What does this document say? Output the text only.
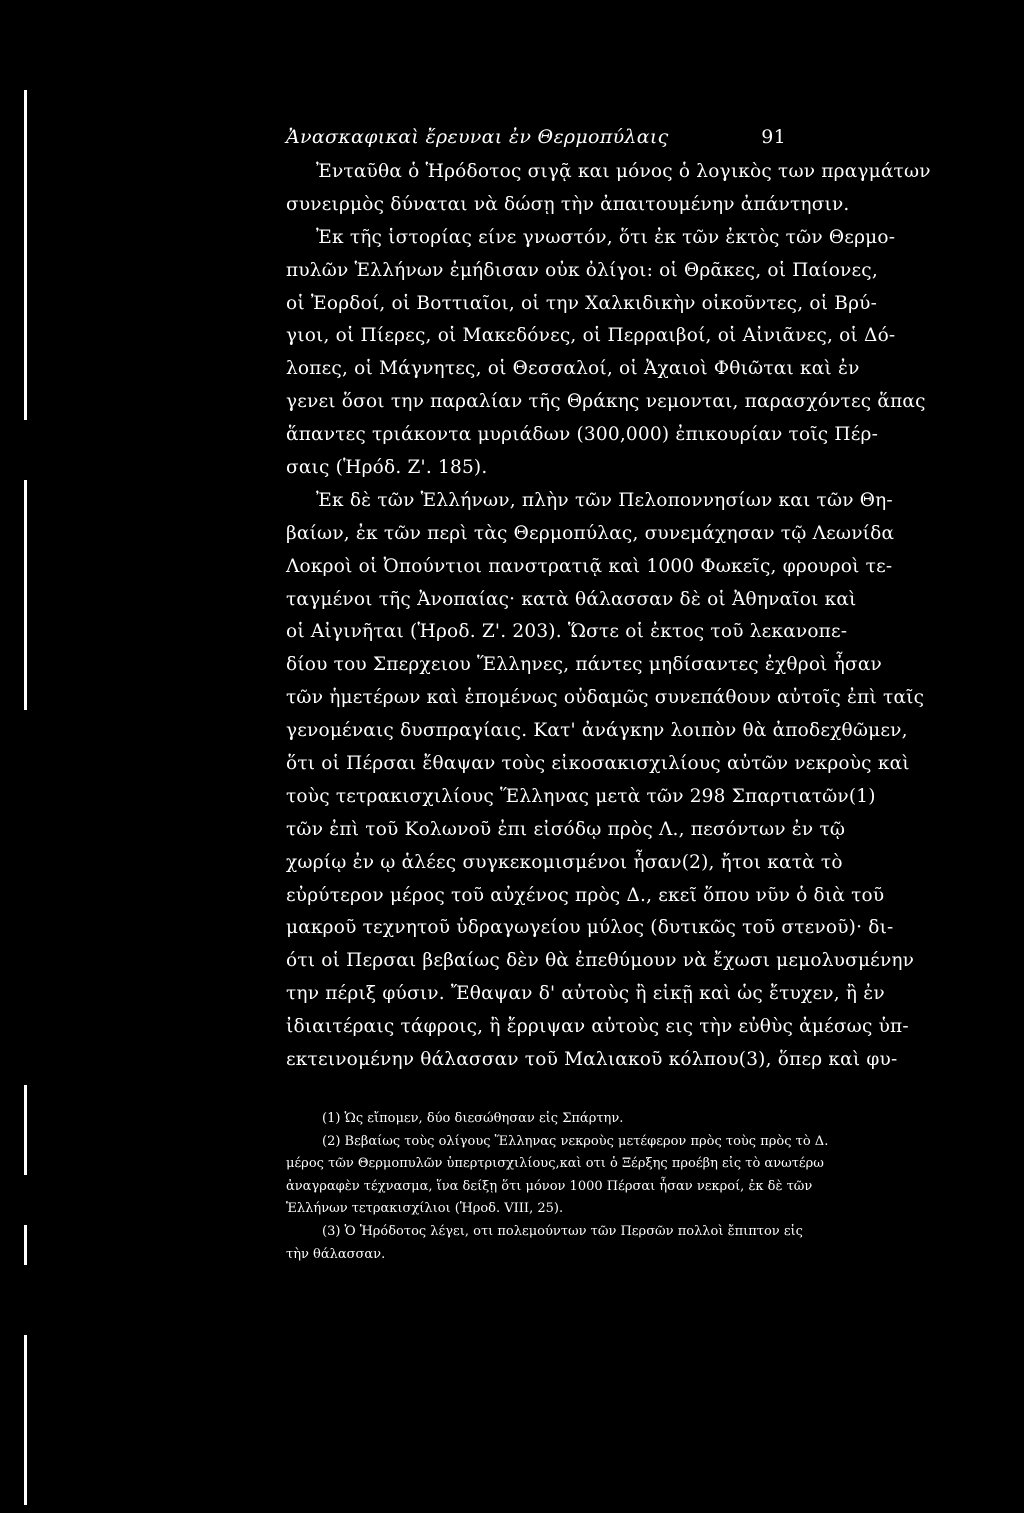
Ἀνασκαφικαὶ ἔρευναι ἐν Θερμοπύλαις	91
Ἐνταῦθα ὁ Ἡρόδοτος σιγᾷ και μόνος ὁ λογικὸς των πραγμάτων
συνειρμὸς δύναται νὰ δώσῃ τὴν ἀπαιτουμένην ἀπάντησιν.
Ἐκ τῆς ἱστορίας είνε γνωστόν, ὅτι ἐκ τῶν ἐκτὸς τῶν Θερμο-
πυλῶν Ἑλλήνων ἐμήδισαν οὐκ ὀλίγοι: οἱ Θρᾶκες, οἱ Παίονες,
οἱ Ἐορδοί, οἱ Βοττιαῖοι, οἱ την Χαλκιδικὴν οἰκοῦντες, οἱ Βρύ-
γιοι, οἱ Πίερες, οἱ Μακεδόνες, οἱ Περραιβοί, οἱ Αἰνιᾶνες, οἱ Δό-
λοπες, οἱ Μάγνητες, οἱ Θεσσαλοί, οἱ Ἀχαιοὶ Φθιῶται καὶ ἐν
γενει ὅσοι την παραλίαν τῆς Θράκης νεμονται, παρασχόντες ἅπας
ἅπαντες τριάκοντα μυριάδων (300,000) ἐπικουρίαν τοῖς Πέρ-
σαις (Ἡρόδ. Ζ'. 185).
Ἐκ δὲ τῶν Ἑλλήνων, πλὴν τῶν Πελοποννησίων και τῶν Θη-
βαίων, ἐκ τῶν περὶ τὰς Θερμοπύλας, συνεμάχησαν τῷ Λεωνίδα
Λοκροὶ οἱ Ὀπούντιοι πανστρατιᾷ καὶ 1000 Φωκεῖς, φρουροὶ τε-
ταγμένοι τῆς Ἀνοπαίας· κατὰ θάλασσαν δὲ οἱ Ἀθηναῖοι καὶ
οἱ Αἰγινῆται (Ἡροδ. Ζ'. 203). Ὥστε οἱ ἐκτος τοῦ λεκανοπε-
δίου του Σπερχειου Ἕλληνες, πάντες μηδίσαντες ἐχθροὶ ἦσαν
τῶν ἡμετέρων καὶ ἑπομένως οὐδαμῶς συνεπάθουν αὐτοῖς ἐπὶ ταῖς
γενομέναις δυσπραγίαις. Κατ' ἀνάγκην λοιπὸν θὰ ἀποδεχθῶμεν,
ὅτι οἱ Πέρσαι ἔθαψαν τοὺς εἰκοσακισχιλίους αὐτῶν νεκροὺς καὶ
τοὺς τετρακισχιλίους Ἕλληνας μετὰ τῶν 298 Σπαρτιατῶν(1)
τῶν ἐπὶ τοῦ Κολωνοῦ ἐπι εἰσόδῳ πρὸς Λ., πεσόντων ἐν τῷ
χωρίῳ ἐν ῳ ἁλέες συγκεκομισμένοι ἦσαν(2), ἤτοι κατὰ τὸ
εὐρύτερον μέρος τοῦ αὐχένος πρὸς Δ., εκεῖ ὅπου νῦν ὁ διὰ τοῦ
μακροῦ τεχνητοῦ ὑδραγωγείου μύλος (δυτικῶς τοῦ στενοῦ)· δι-
ότι οἱ Περσαι βεβαίως δὲν θὰ ἐπεθύμουν νὰ ἔχωσι μεμολυσμένην
την πέριξ φύσιν. Ἔθαψαν δ' αὐτοὺς ἢ εἰκῇ καὶ ὡς ἔτυχεν, ἢ ἐν
ἰδιαιτέραις τάφροις, ἢ ἔρριψαν αὐτοὺς εις τὴν εὐθὺς ἀμέσως ὑπ-
εκτεινομένην θάλασσαν τοῦ Μαλιακοῦ κόλπου(3), ὅπερ καὶ φυ-
(1) Ὡς εἴπομεν, δύο διεσώθησαν εἰς Σπάρτην.
(2) Βεβαίως τοὺς ολίγους Ἕλληνας νεκροὺς μετέφερον πρὸς τοὺς πρὸς τὸ Δ.
μέρος τῶν Θερμοπυλῶν ὑπερτρισχιλίους,καὶ οτι ὁ Ξέρξης προέβη εἰς τὸ ανωτέρω
ἀναγραφὲν τέχνασμα, ἵνα δείξῃ ὅτι μόνον 1000 Πέρσαι ἦσαν νεκροί, ἐκ δὲ τῶν
Ἑλλήνων τετρακισχίλιοι (Ἡροδ. VIII, 25).
(3) Ὁ Ἡρόδοτος λέγει, οτι πολεμούντων τῶν Περσῶν πολλοὶ ἔπιπτον εἰς
τὴν θάλασσαν.
